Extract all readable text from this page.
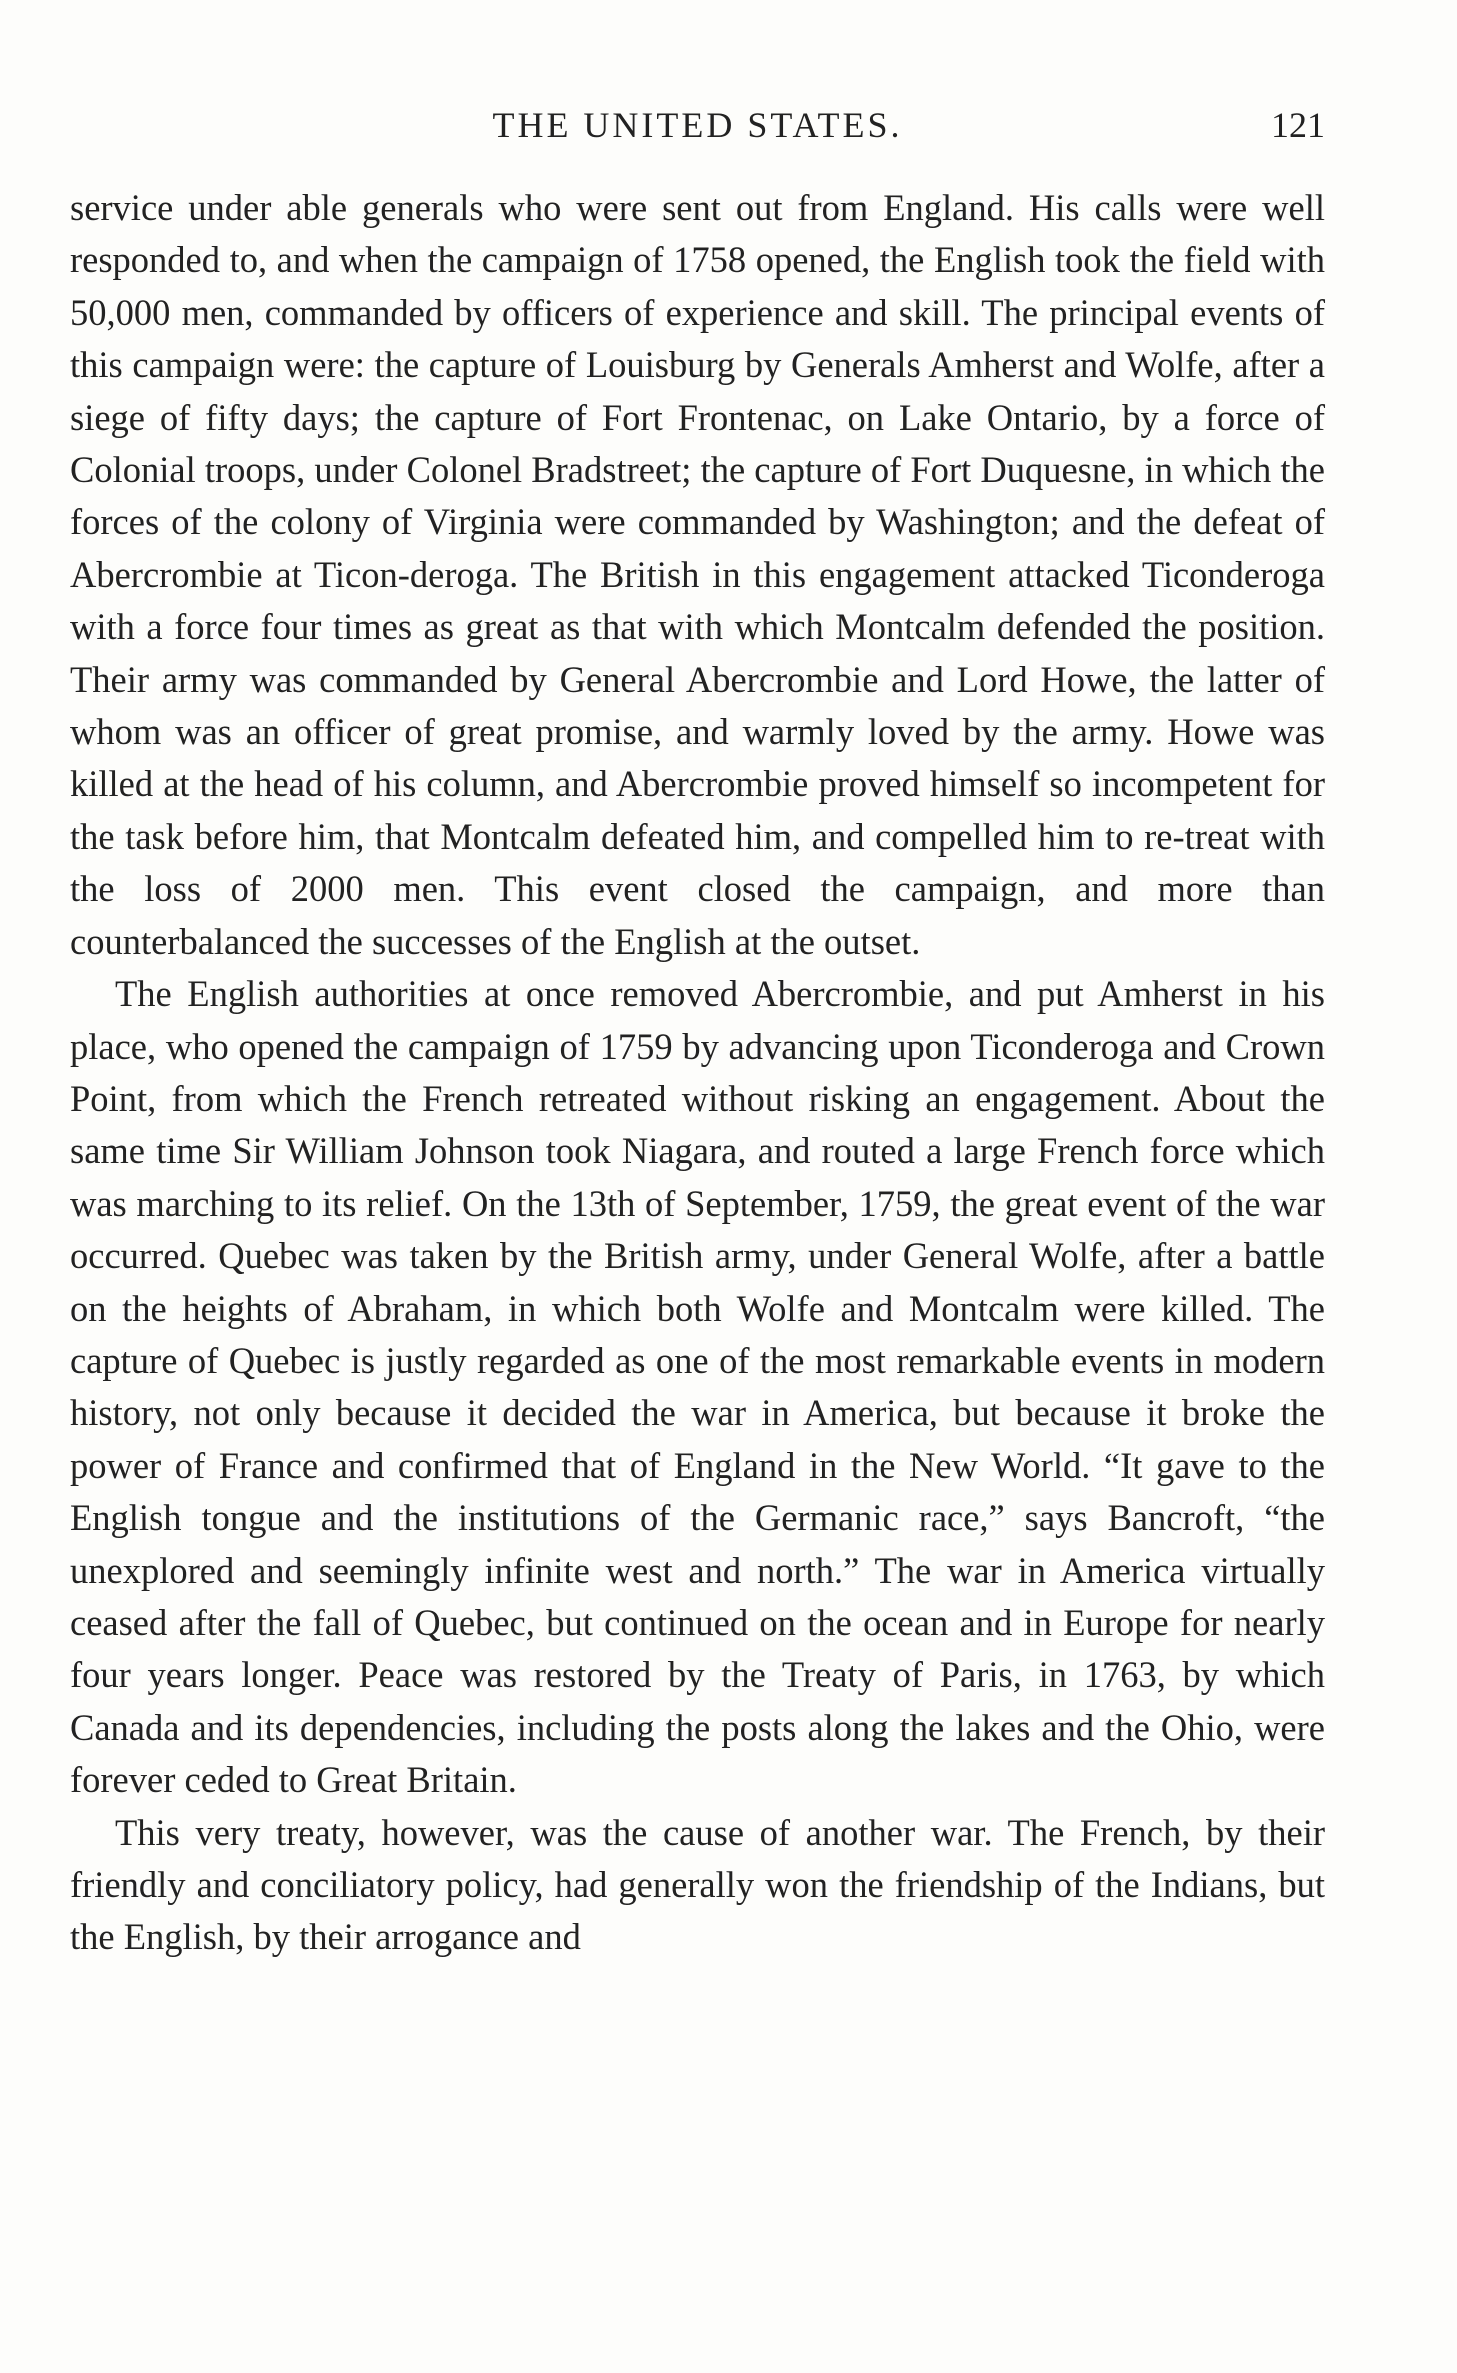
THE UNITED STATES.	121

service under able generals who were sent out from England. His calls were well responded to, and when the campaign of 1758 opened, the English took the field with 50,000 men, commanded by officers of experience and skill. The principal events of this campaign were: the capture of Louisburg by Generals Amherst and Wolfe, after a siege of fifty days; the capture of Fort Frontenac, on Lake Ontario, by a force of Colonial troops, under Colonel Bradstreet; the capture of Fort Duquesne, in which the forces of the colony of Virginia were commanded by Washington; and the defeat of Abercrombie at Ticon-deroga. The British in this engagement attacked Ticonderoga with a force four times as great as that with which Montcalm defended the position. Their army was commanded by General Abercrombie and Lord Howe, the latter of whom was an officer of great promise, and warmly loved by the army. Howe was killed at the head of his column, and Abercrombie proved himself so incompetent for the task before him, that Montcalm defeated him, and compelled him to re-treat with the loss of 2000 men. This event closed the campaign, and more than counterbalanced the successes of the English at the outset.

The English authorities at once removed Abercrombie, and put Amherst in his place, who opened the campaign of 1759 by advancing upon Ticonderoga and Crown Point, from which the French retreated without risking an engagement. About the same time Sir William Johnson took Niagara, and routed a large French force which was marching to its relief. On the 13th of September, 1759, the great event of the war occurred. Quebec was taken by the British army, under General Wolfe, after a battle on the heights of Abraham, in which both Wolfe and Montcalm were killed. The capture of Quebec is justly regarded as one of the most remarkable events in modern history, not only because it decided the war in America, but because it broke the power of France and confirmed that of England in the New World. “It gave to the English tongue and the institutions of the Germanic race,” says Bancroft, “the unexplored and seemingly infinite west and north.” The war in America virtually ceased after the fall of Quebec, but continued on the ocean and in Europe for nearly four years longer. Peace was restored by the Treaty of Paris, in 1763, by which Canada and its dependencies, including the posts along the lakes and the Ohio, were forever ceded to Great Britain.

This very treaty, however, was the cause of another war. The French, by their friendly and conciliatory policy, had generally won the friendship of the Indians, but the English, by their arrogance and
